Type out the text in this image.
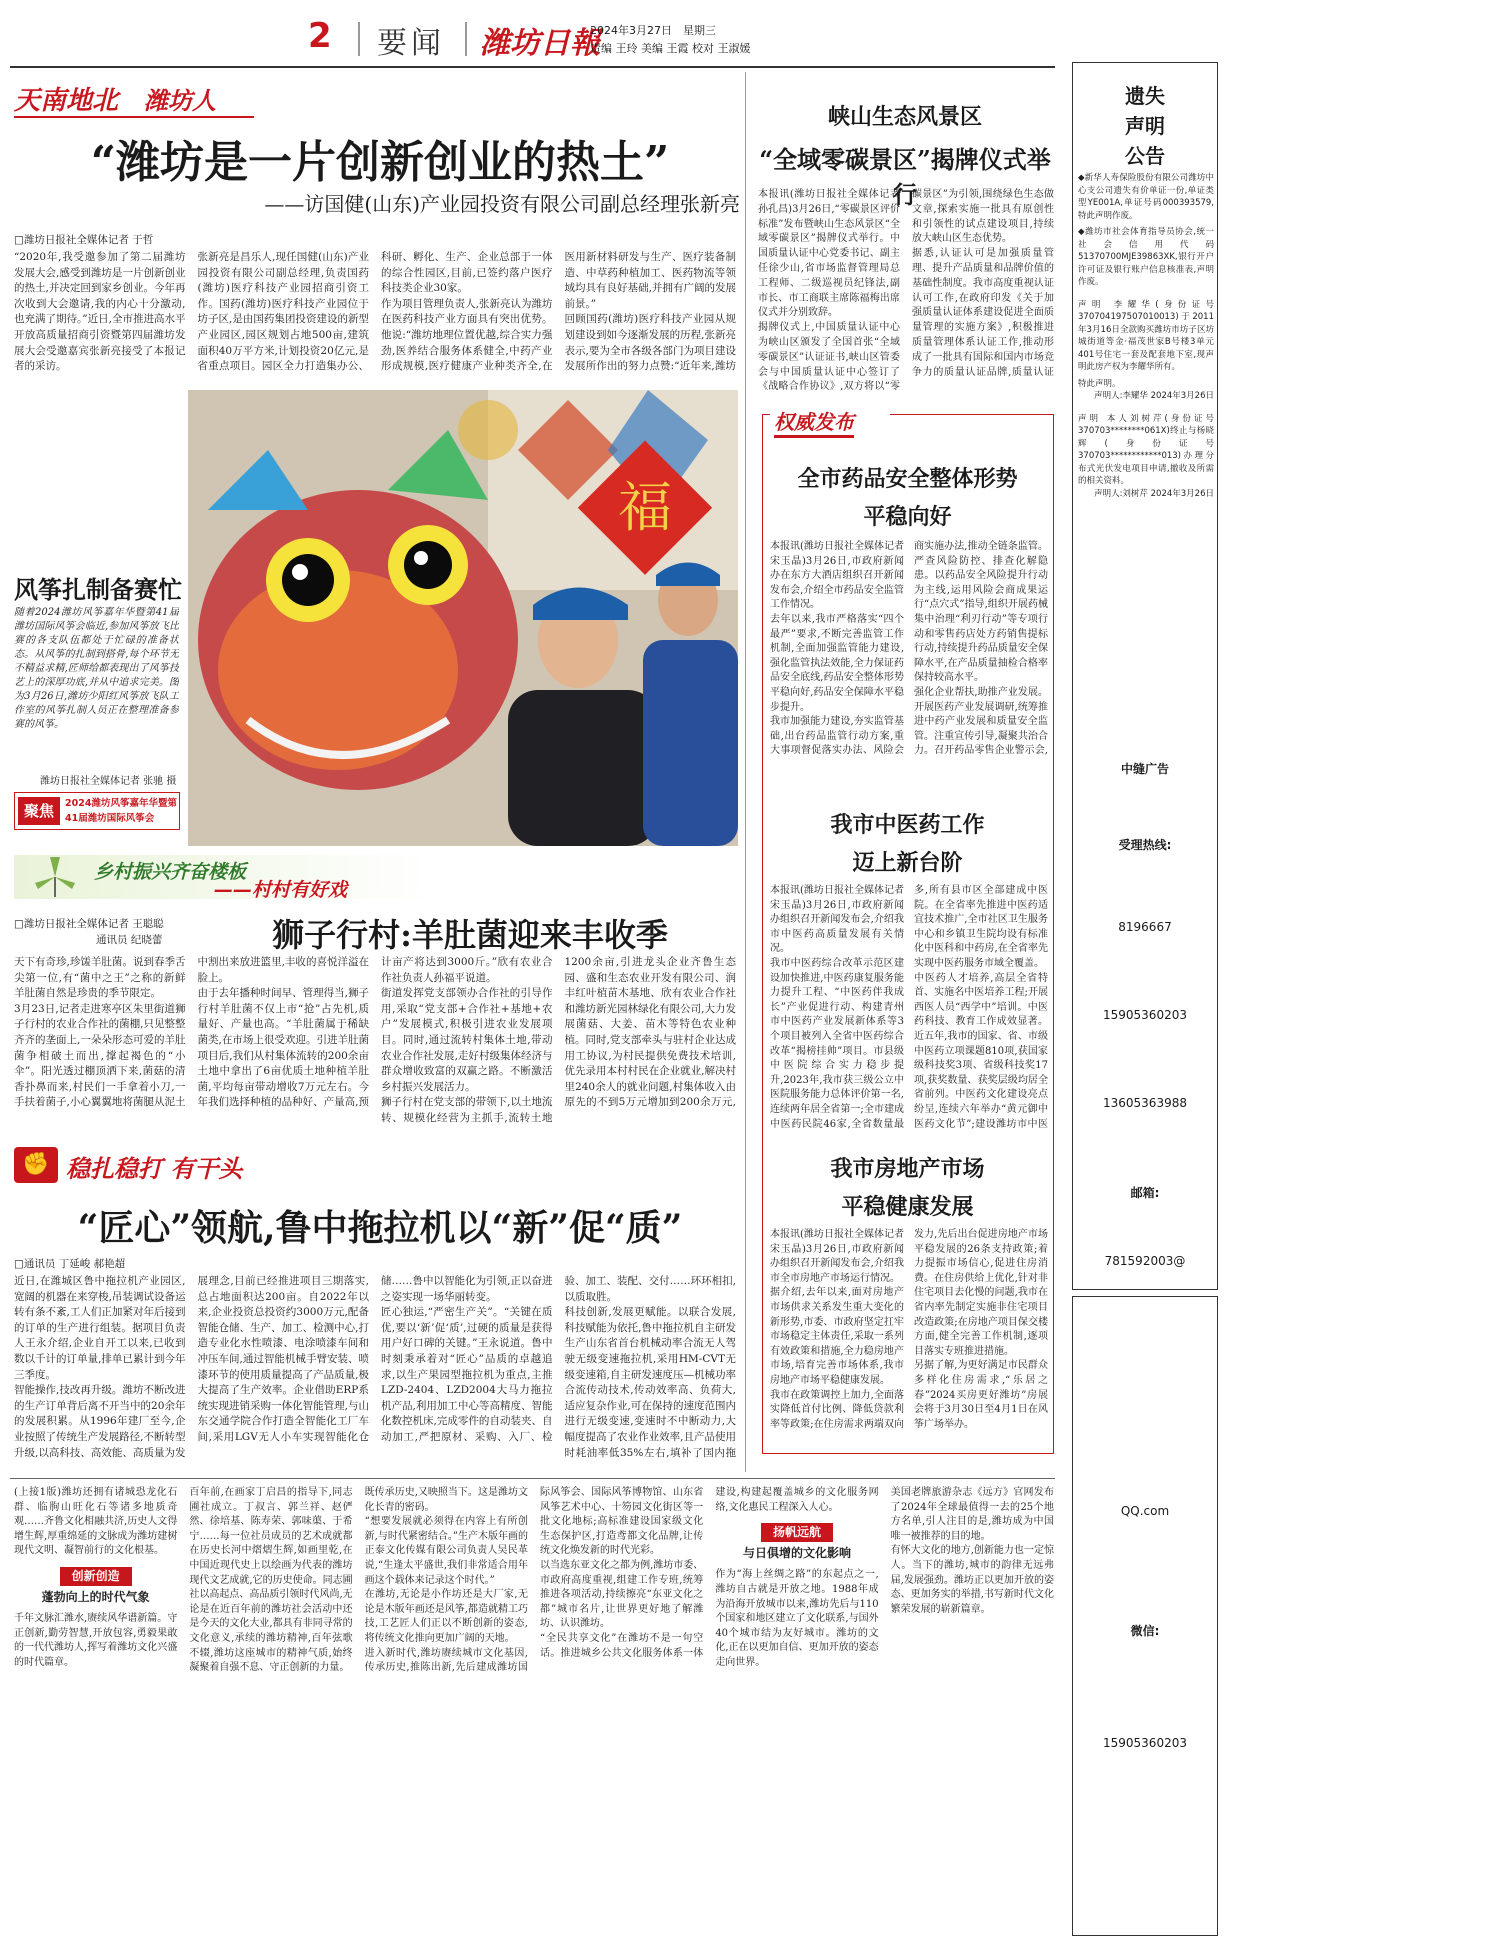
2 要闻 潍坊日報
2024年3月27日 星期三
责编 王玲 美编 王霞 校对 王淑媛
天南地北 潍坊人
“潍坊是一片创新创业的热土”
——访国健(山东)产业园投资有限公司副总经理张新亮
□潍坊日报社全媒体记者 于哲

“2020年,我受邀参加了第二届潍坊发展大会,感受到潍坊是一片创新创业的热土,并决定回到家乡创业。今年再次收到大会邀请,我的内心十分激动,也充满了期待。”近日,全市推进高水平开放高质量招商引资暨第四届潍坊发展大会受邀嘉宾张新亮接受了本报记者的采访。

张新亮是昌乐人,现任国健(山东)产业园投资有限公司副总经理,负责国药(潍坊)医疗科技产业园招商引资工作。国药(潍坊)医疗科技产业园位于坊子区,是由国药集团投资建设的新型产业园区,园区规划占地500亩,建筑面积40万平方米,计划投资20亿元,是省重点项目。园区全力打造集办公、科研、孵化、生产、企业总部于一体的综合性园区,目前,已签约落户医疗科技类企业30家。

作为项目管理负责人,张新亮认为潍坊在医药科技产业方面具有突出优势。他说:“潍坊地理位置优越,综合实力强劲,医养结合服务体系健全,中药产业形成规模,医疗健康产业种类齐全,在医用新材料研发与生产、医疗装备制造、中草药种植加工、医药物流等领域均具有良好基础,并拥有广阔的发展前景。”

回顾国药(潍坊)医疗科技产业园从规划建设到如今逐渐发展的历程,张新亮表示,要为全市各级各部门为项目建设发展所作出的努力点赞:“近年来,潍坊

风筝扎制备赛忙
随着2024潍坊风筝嘉年华暨第41届潍坊国际风筝会临近,参加风筝放飞比赛的各支队伍都处于忙碌的准备状态。从风筝的扎制到搭骨,每个环节无不精益求精,匠师给都表现出了风筝技艺上的深厚功底,并从中追求完美。图为3月26日,潍坊少阳红风筝放飞队工作室的风筝扎制人员正在整理准备参赛的风筝。
潍坊日报社全媒体记者 张驰 摄
聚焦	2024潍坊风筝嘉年华暨第41届潍坊国际风筝会
福
乡村振兴齐奋楼板
——村村有好戏
□潍坊日报社全媒体记者 王聪聪
通讯员 纪晓蕾	狮子行村:羊肚菌迎来丰收季

天下有奇珍,珍馐羊肚菌。说到春季舌尖第一位,有“菌中之王”之称的新鲜羊肚菌自然是珍贵的季节限定。

3月23日,记者走进寒亭区朱里街道狮子行村的农业合作社的菌棚,只见整整齐齐的垄面上,一朵朵形态可爱的羊肚菌争相破土而出,撑起褐色的“小伞”。阳光透过棚顶洒下来,菌菇的清香扑鼻而来,村民们一手拿着小刀,一手扶着菌子,小心翼翼地将菌腿从泥土中割出来放进篮里,丰收的喜悦洋溢在脸上。

由于去年播种时间早、管理得当,狮子行村羊肚菌不仅上市“抢”占先机,质量好、产量也高。“羊肚菌属于稀缺菌类,在市场上很受欢迎。引进羊肚菌项目后,我们从村集体流转的200余亩土地中拿出了6亩优质土地种植羊肚菌,平均每亩带动增收7万元左右。今年我们选择种植的品种好、产量高,预计亩产将达到3000斤。”欣有农业合作社负责人孙福平说道。

街道发挥党支部领办合作社的引导作用,采取“党支部+合作社+基地+农户”发展模式,积极引进农业发展项目。同时,通过流转村集体土地,带动农业合作社发展,走好村级集体经济与群众增收致富的双赢之路。不断激活乡村振兴发展活力。

狮子行村在党支部的带领下,以土地流转、规模化经营为主抓手,流转土地1200余亩,引进龙头企业齐鲁生态园、盛和生态农业开发有限公司、润丰红叶植苗木基地、欣有农业合作社和潍坊新光园林绿化有限公司,大力发展菌菇、大姜、苗木等特色农业种植。同时,党支部牵头与驻村企业达成用工协议,为村民提供免费技术培训,优先录用本村村民在企业就业,解决村里240余人的就业问题,村集体收入由原先的不到5万元增加到200余万元,

✊ 稳扎稳打 有干头
“匠心”领航,鲁中拖拉机以“新”促“质”
□通讯员 丁延峻 郝艳超

近日,在潍城区鲁中拖拉机产业园区,宽阔的机器在来穿梭,吊装调试设备运转有条不紊,工人们正加紧对年后接到的订单的生产进行组装。据项目负责人王永介绍,企业自开工以来,已收到数以千计的订单量,排单已累计到今年三季度。

智能操作,技改再升级。潍坊不断改进的生产订单背后离不开当中的20余年的发展积累。从1996年建厂至今,企业按照了传统生产发展路径,不断转型升级,以高科技、高效能、高质量为发展理念,目前已经推进项目三期落实,总占地面积达200亩。自2022年以来,企业投资总投资约3000万元,配备智能仓储、生产、加工、检测中心,打造专业化水性喷漆、电涂喷漆车间和冲压车间,通过智能机械手臂安装、喷漆环节的使用质量提高了产品质量,极大提高了生产效率。企业借助ERP系统实现进销采购一体化智能管理,与山东交通学院合作打造全智能化工厂车间,采用LGV无人小车实现智能化仓储……鲁中以智能化为引领,正以奋进之姿实现一场华丽转变。

匠心独运,“严密生产关”。“关键在质优,要以‘新’促‘质’,过硬的质量是获得用户好口碑的关键。”王永说道。鲁中时刻秉承着对“匠心”品质的卓越追求,以生产果园型拖拉机为重点,主推LZD-2404、LZD2004大马力拖拉机产品,利用加工中心等高精度、智能化数控机床,完成零件的自动装夹、自动加工,严把原材、采购、入厂、检验、加工、装配、交付……环环相扣,以质取胜。

科技创新,发展更赋能。以联合发展,科技赋能为依托,鲁中拖拉机自主研发生产山东省首台机械动率合流无人驾驶无级变速拖拉机,采用HM-CVT无级变速箱,自主研发速度压—机械功率合流传动技术,传动效率高、负荷大,适应复杂作业,可在保持的速度范围内进行无级变速,变速时不中断动力,大幅度提高了农业作业效率,且产品使用时耗油率低35%左右,填补了国内拖

峡山生态风景区
“全域零碳景区”揭牌仪式举行

本报讯(潍坊日报社全媒体记者 孙孔昌)3月26日,“零碳景区评价标准”发布暨峡山生态风景区“全域零碳景区”揭牌仪式举行。中国质量认证中心党委书记、副主任徐少山,省市场监督管理局总工程师、二级巡视员纪锋法,副市长、市工商联主席陈福梅出席仪式并分别致辞。

揭牌仪式上,中国质量认证中心为峡山区颁发了全国首张“全域零碳景区”认证证书,峡山区管委会与中国质量认证中心签订了《战略合作协议》,双方将以“零碳景区”为引领,围绕绿色生态做文章,探索实施一批具有原创性和引领性的试点建设项目,持续放大峡山区生态优势。

据悉,认证认可是加强质量管理、提升产品质量和品牌价值的基础性制度。我市高度重视认证认可工作,在政府印发《关于加强质量认证体系建设促进全面质量管理的实施方案》,积极推进质量管理体系认证工作,推动形成了一批具有国际和国内市场竞争力的质量认证品牌,质量认证

权威发布
全市药品安全整体形势
平稳向好

本报讯(潍坊日报社全媒体记者 宋玉晶)3月26日,市政府新闻办在东方大酒店组织召开新闻发布会,介绍全市药品安全监管工作情况。

去年以来,我市严格落实“四个最严”要求,不断完善监管工作机制,全面加强监管能力建设,强化监管执法效能,全力保证药品安全底线,药品安全整体形势平稳向好,药品安全保障水平稳步提升。

我市加强能力建设,夯实监管基础,出台药品监管行动方案,重大事项督促落实办法、风险会商实施办法,推动全链条监管。严查风险防控、排查化解隐患。以药品安全风险提升行动为主线,运用风险会商成果运行“点穴式”指导,组织开展药械集中治理“利刃行动”等专项行动和零售药店处方药销售提标行动,持续提升药品质量安全保障水平,在产品质量抽检合格率保持较高水平。

强化企业帮扶,助推产业发展。开展医药产业发展调研,统筹推进中药产业发展和质量安全监管。注重宣传引导,凝聚共治合力。召开药品零售企业警示会,

我市中医药工作
迈上新台阶

本报讯(潍坊日报社全媒体记者 宋玉晶)3月26日,市政府新闻办组织召开新闻发布会,介绍我市中医药高质量发展有关情况。

我市中医药综合改革示范区建设加快推进,中医药康复服务能力提升工程、“中医药伴我成长”产业促进行动、构建青州市中医药产业发展新体系等3个项目被列入全省中医药综合改革“揭榜挂帅”项目。市县级中医院综合实力稳步提升,2023年,我市获三级公立中医院服务能力总体评价第一名,连续两年居全省第一;全市建成中医药民院46家,全省数量最多,所有县市区全部建成中医院。在全省率先推进中医药适宜技术推广,全市社区卫生服务中心和乡镇卫生院均设有标准化中医科和中药房,在全省率先实现中医药服务市域全覆盖。

中医药人才培养,高层全省特首、实施名中医培养工程;开展西医人员“西学中”培训。中医药科技、教育工作成效显著。近五年,我市的国家、省、市级中医药立项课题810项,获国家级科技奖3项、省级科技奖17项,获奖数量、获奖层级均居全省前列。中医药文化建设亮点纷呈,连续六年举办“黄元御中医药文化节”;建设潍坊市中医

我市房地产市场
平稳健康发展

本报讯(潍坊日报社全媒体记者 宋玉晶)3月26日,市政府新闻办组织召开新闻发布会,介绍我市全市房地产市场运行情况。

据介绍,去年以来,面对房地产市场供求关系发生重大变化的新形势,市委、市政府坚定扛牢市场稳定主体责任,采取一系列有效政策和措施,全力稳房地产市场,培育完善市场体系,我市房地产市场平稳健康发展。

我市在政策调控上加力,全面落实降低首付比例、降低贷款利率等政策;在住房需求两端双向发力,先后出台促进房地产市场平稳发展的26条支持政策;着力提振市场信心,促进住房消费。在住房供给上优化,针对非住宅项目去化慢的问题,我市在省内率先制定实施非住宅项目改造政策;在房地产项目保交楼方面,健全完善工作机制,逐项目落实专班推进措施。

另据了解,为更好满足市民群众多样化住房需求,“乐居之春”2024买房更好潍坊”房展会将于3月30日至4月1日在风筝广场举办。

(上接1版)潍坊还拥有诸城恐龙化石群、临朐山旺化石等诸多地质奇观……齐鲁文化相融共济,历史人文得增生辉,厚重绵延的文脉成为潍坊建树现代文明、凝智前行的文化根基。

创新创造
蓬勃向上的时代气象

千年文脉汇潍水,赓续风华谱新篇。守正创新,勤劳智慧,开放包容,勇毅果敢的一代代潍坊人,挥写着潍坊文化兴盛的时代篇章。

百年前,在画家丁启昌的指导下,同志圃社成立。丁叔言、郭兰祥、赵俨然、徐培基、陈寿荣、郭味蕖、于希宁……每一位社员成员的艺术成就都在历史长河中熠熠生辉,如画里乾,在中国近现代史上以绘画为代表的潍坊现代文艺成就,它的历史使命。同志圃社以高起点、高品质引领时代风尚,无论是在近百年前的潍坊社会活动中还是今天的文化大业,都具有非同寻常的文化意义,承续的潍坊精神,百年弦歌不辍,潍坊这座城市的精神气质,始终凝聚着自强不息、守正创新的力量。

既传承历史,又映照当下。这是潍坊文化长青的密码。

“想要发展就必须得在内容上有所创新,与时代紧密结合。”生产木版年画的正泰文化传媒有限公司负责人吴民革说,“生逢太平盛世,我们非常适合用年画这个载体来记录这个时代。”

在潍坊,无论是小作坊还是大厂家,无论是木版年画还是风筝,都造就精工巧技,工艺匠人们正以不断创新的姿态,将传统文化推向更加广阔的天地。

进入新时代,潍坊赓续城市文化基因,传承历史,推陈出新,先后建成潍坊国际风筝会、国际风筝博物馆、山东省风筝艺术中心、十笏园文化街区等一批文化地标;高标准建设国家级文化生态保护区,打造鸢都文化品牌,让传统文化焕发新的时代光彩。

以当选东亚文化之都为例,潍坊市委、市政府高度重视,组建工作专班,统筹推进各项活动,持续擦亮“东亚文化之都”城市名片,让世界更好地了解潍坊、认识潍坊。

“全民共享文化”在潍坊不是一句空话。推进城乡公共文化服务体系一体建设,构建起覆盖城乡的文化服务网络,文化惠民工程深入人心。

扬帆远航
与日俱增的文化影响

作为“海上丝绸之路”的东起点之一,潍坊自古就是开放之地。1988年成为沿海开放城市以来,潍坊先后与110个国家和地区建立了文化联系,与国外40个城市结为友好城市。潍坊的文化,正在以更加自信、更加开放的姿态走向世界。

美国老牌旅游杂志《远方》官网发布了2024年全球最值得一去的25个地方名单,引人注目的是,潍坊成为中国唯一被推荐的目的地。

有怀大文化的地方,创新能力也一定惊人。当下的潍坊,城市的韵律无远弗届,发展强劲。潍坊正以更加开放的姿态、更加务实的举措,书写新时代文化繁荣发展的崭新篇章。

遗失
声明
公告

◆新华人寿保险股份有限公司潍坊中心支公司遗失有价单证一份,单证类型YE001A,单证号码000393579,特此声明作废。

◆潍坊市社会体育指导员协会,统一社会信用代码51370700MJE39863XK,银行开户许可证及银行账户信息核准表,声明作废。

声明 李耀华(身份证号370704197507010013)于2011年3月16日全款购买潍坊市坊子区坊城街道等金·福茂世家B号楼3单元401号住宅一套及配套地下室,现声明此房产权为李耀华所有。

特此声明。

声明人:李耀华 2024年3月26日

声明 本人刘树芹(身份证号370703********061X)终止与杨晓辉(身份证号370703************013)办理分布式光伏发电项目申请,撤收及所需的相关资料。

声明人:刘树芹 2024年3月26日

中缝广告
受理热线:
8196667
15905360203
13605363988
邮箱:
781592003@
QQ.com
微信:
15905360203
